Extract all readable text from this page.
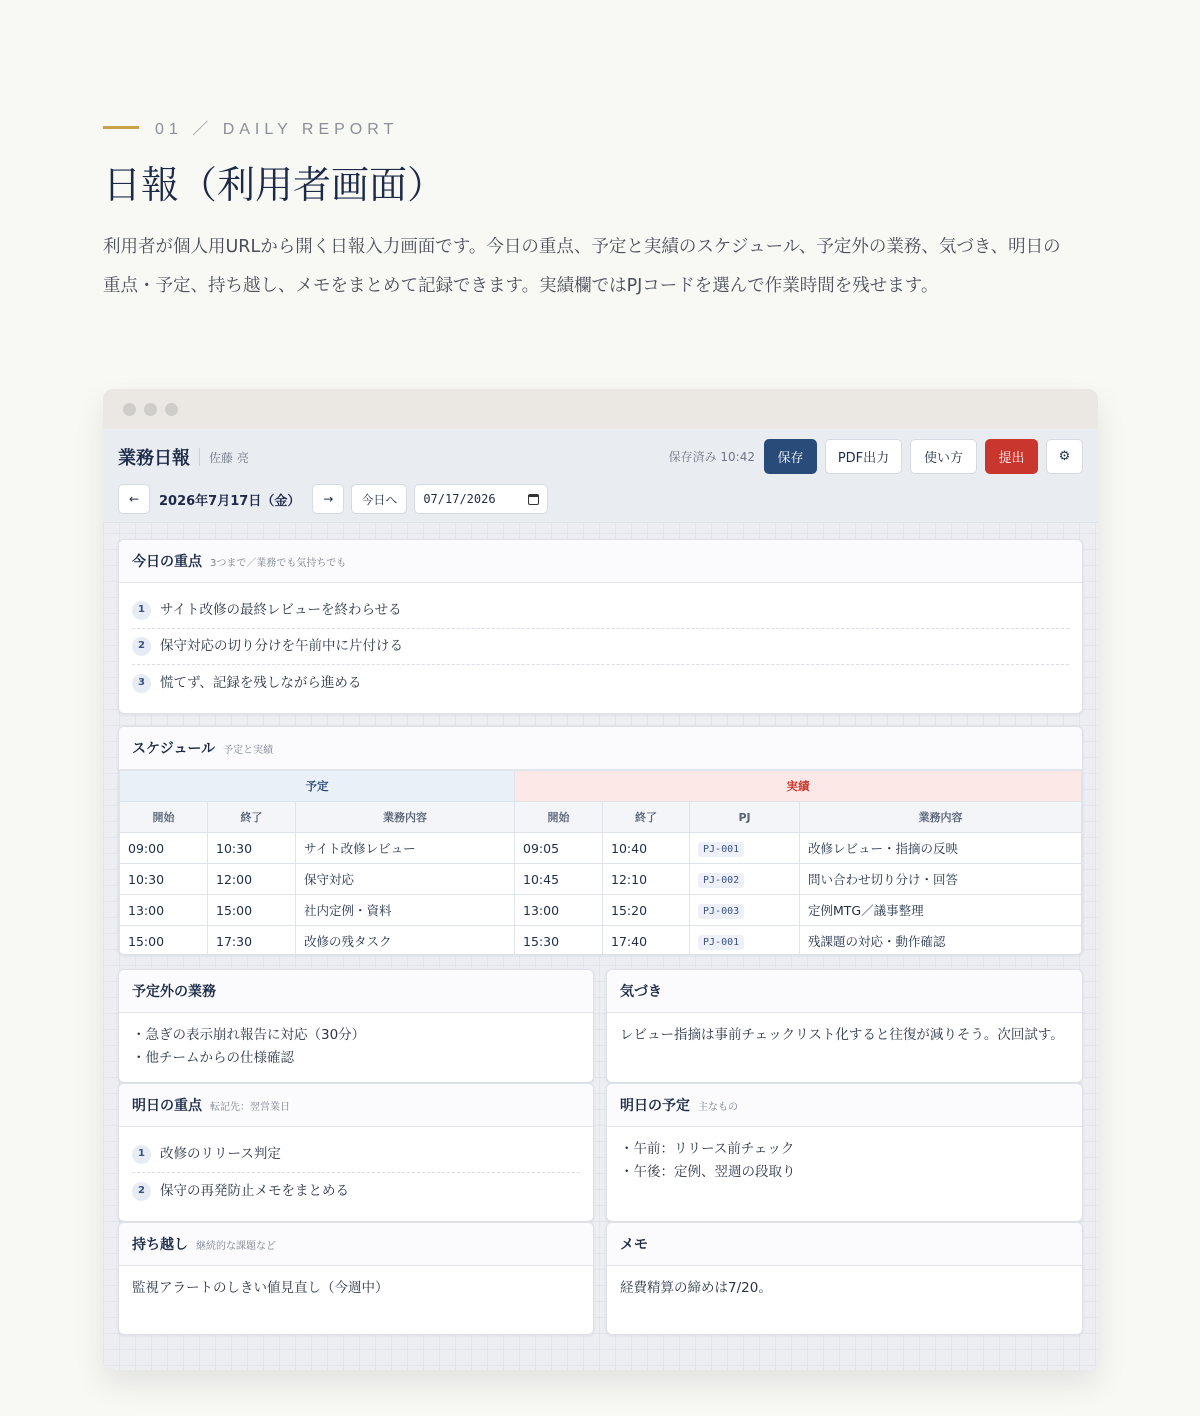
01 ／ DAILY REPORT
日報（利用者画面）

利用者が個人用URLから開く日報入力画面です。今日の重点、予定と実績のスケジュール、予定外の業務、気づき、明日の重点・予定、持ち越し、メモをまとめて記録できます。実績欄ではPJコードを選んで作業時間を残せます。

業務日報 佐藤 亮	保存済み 10:42	保存	PDF出力	使い方	提出	⚙
←	2026年7月17日（金）	→	今日へ	07/17/2026
今日の重点 3つまで／業務でも気持ちでも
1	サイト改修の最終レビューを終わらせる
2	保守対応の切り分けを午前中に片付ける
3	慌てず、記録を残しながら進める
スケジュール 予定と実績
予定			実績			
開始	終了	業務内容	開始	終了	PJ	業務内容
09:00	10:30	サイト改修レビュー	09:05	10:40	PJ-001	改修レビュー・指摘の反映
10:30	12:00	保守対応	10:45	12:10	PJ-002	問い合わせ切り分け・回答
13:00	15:00	社内定例・資料	13:00	15:20	PJ-003	定例MTG／議事整理
15:00	17:30	改修の残タスク	15:30	17:40	PJ-001	残課題の対応・動作確認
予定外の業務
・急ぎの表示崩れ報告に対応（30分）
・他チームからの仕様確認
気づき
レビュー指摘は事前チェックリスト化すると往復が減りそう。次回試す。
明日の重点 転記先：翌営業日
1	改修のリリース判定
2	保守の再発防止メモをまとめる
明日の予定 主なもの
・午前：リリース前チェック
・午後：定例、翌週の段取り
持ち越し 継続的な課題など
監視アラートのしきい値見直し（今週中）
メモ
経費精算の締めは7/20。
